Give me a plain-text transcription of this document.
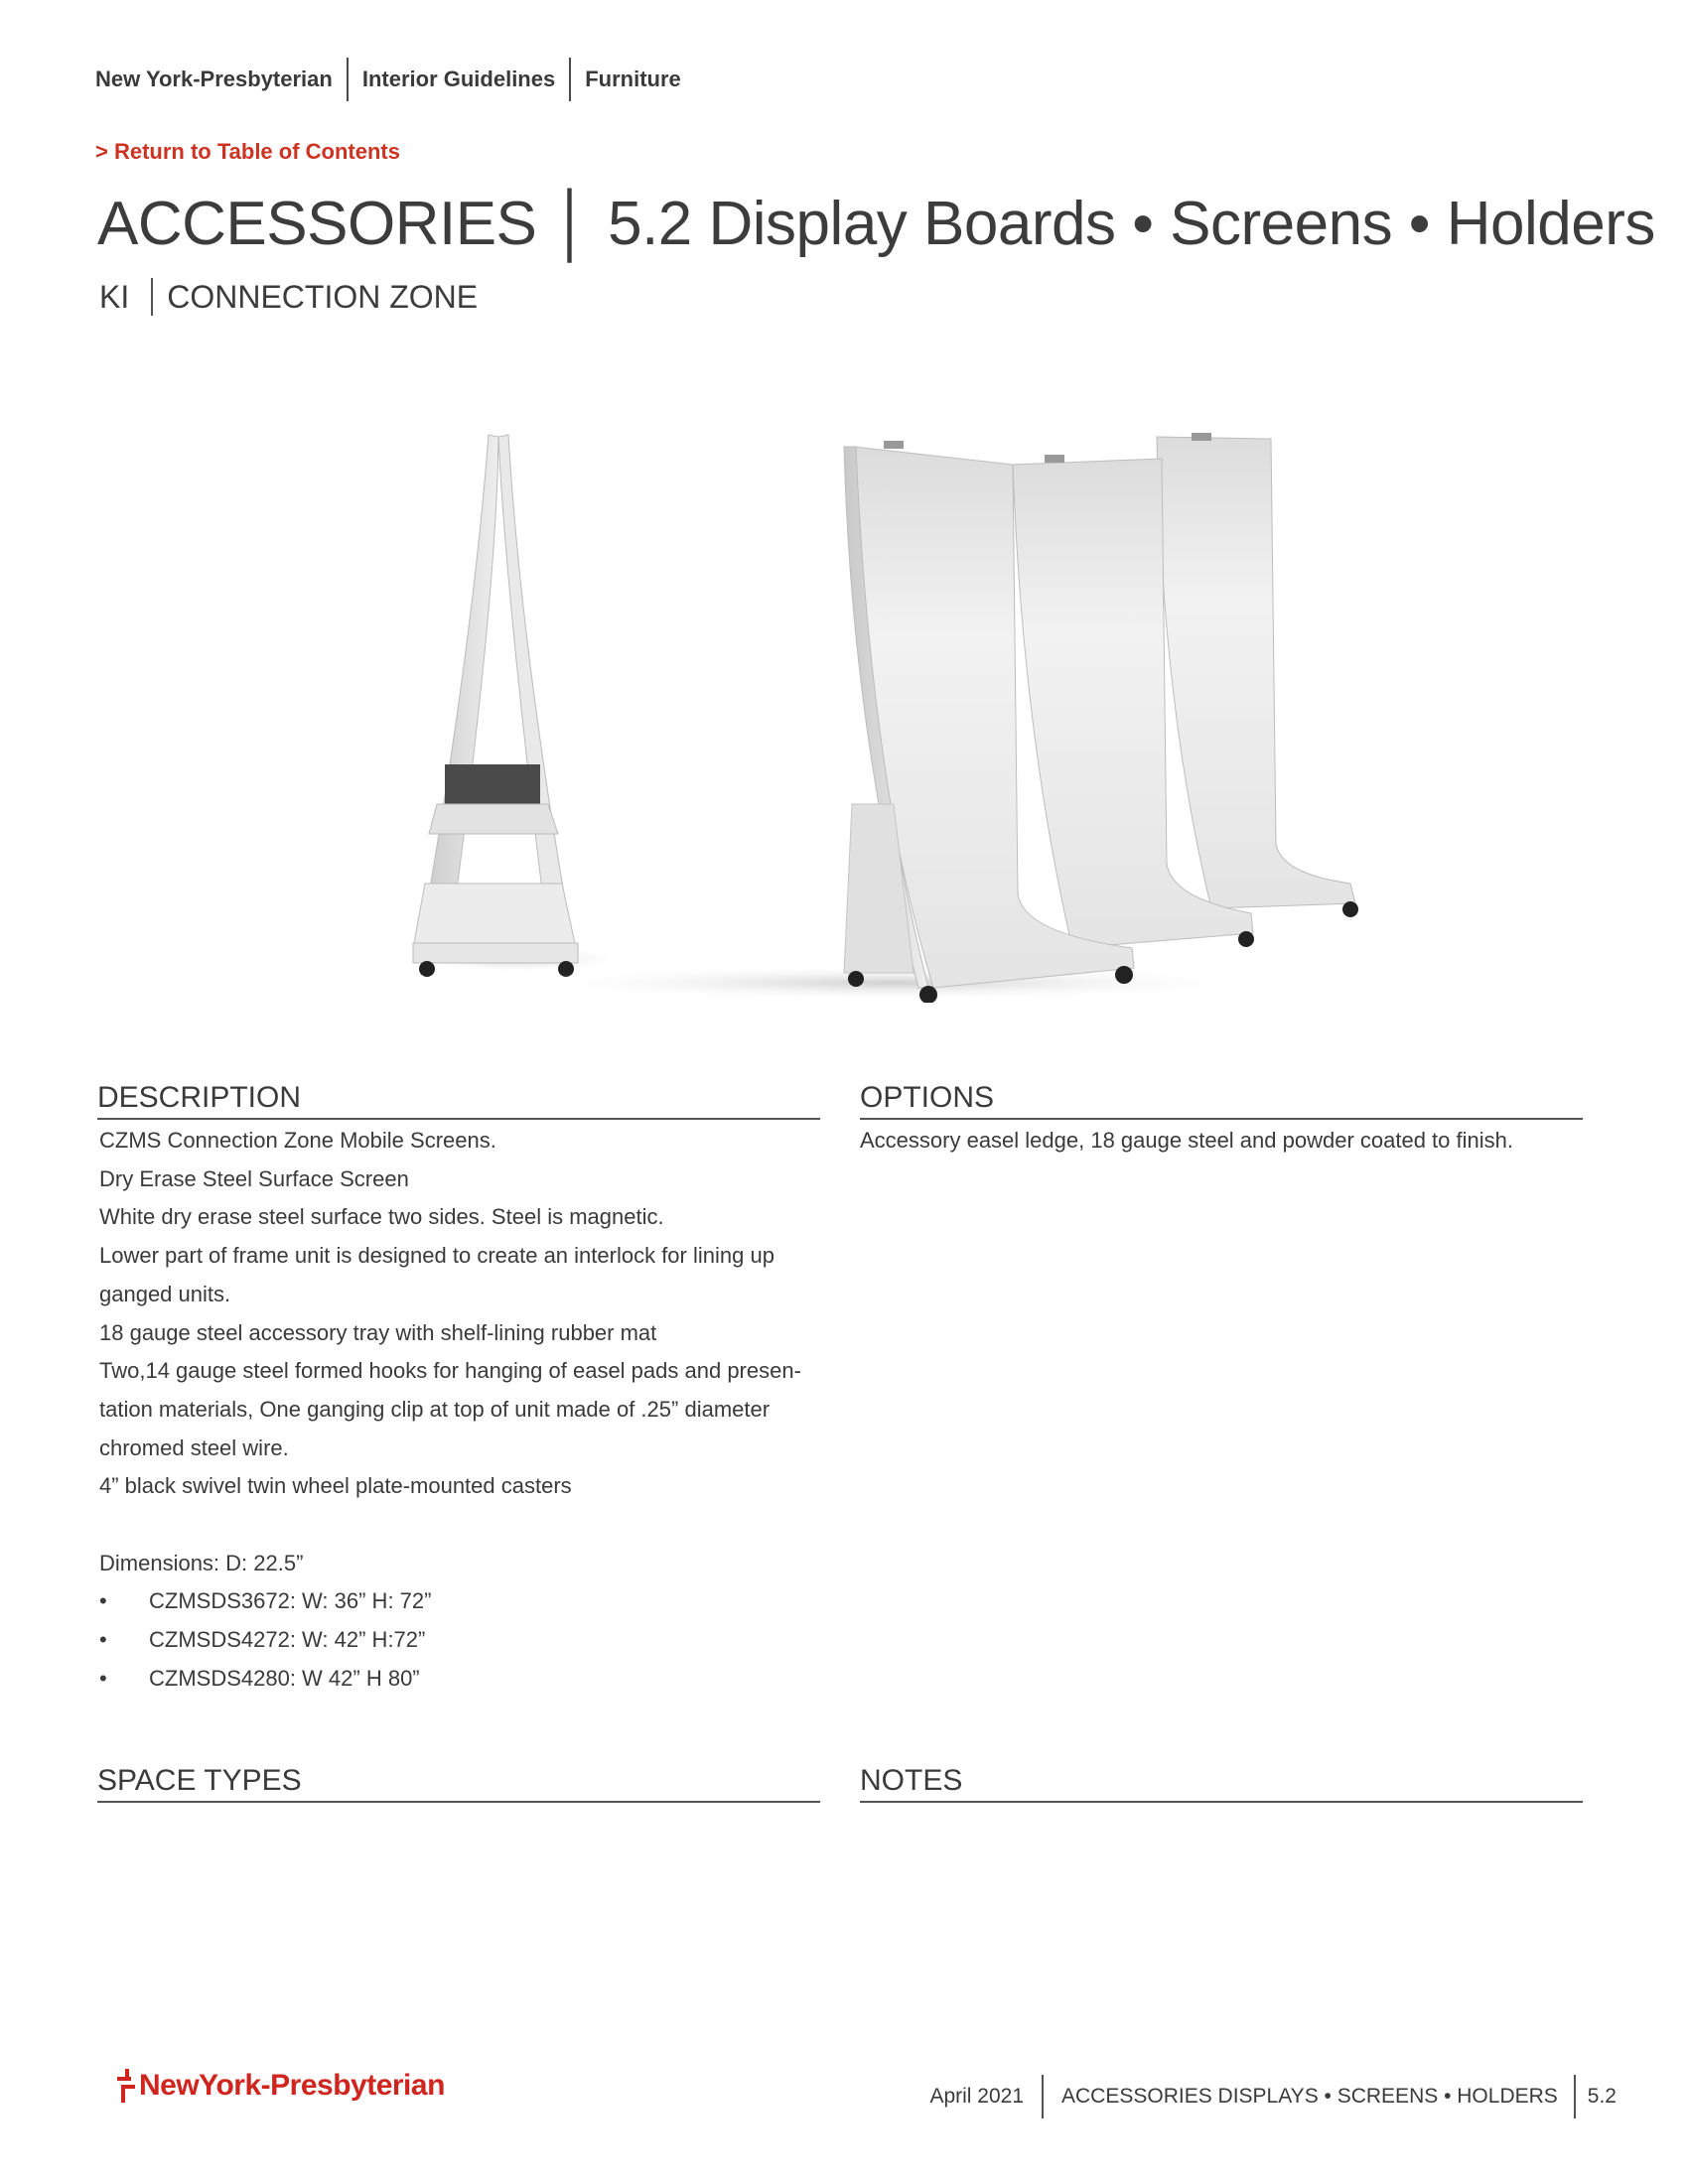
New York-Presbyterian	Interior Guidelines	Furniture
> Return to Table of Contents
ACCESSORIES │ 5.2 Display Boards • Screens • Holders
KI CONNECTION ZONE
DESCRIPTION

CZMS Connection Zone Mobile Screens.

Dry Erase Steel Surface Screen

White dry erase steel surface two sides. Steel is magnetic.

Lower part of frame unit is designed to create an interlock for lining up

ganged units.

18 gauge steel accessory tray with shelf-lining rubber mat

Two,14 gauge steel formed hooks for hanging of easel pads and presen-

tation materials, One ganging clip at top of unit made of .25” diameter

chromed steel wire.

4” black swivel twin wheel plate-mounted casters

Dimensions: D: 22.5”

•	CZMSDS3672: W: 36” H: 72”
•	CZMSDS4272: W: 42” H:72”
•	CZMSDS4280: W 42” H 80”
OPTIONS
Accessory easel ledge, 18 gauge steel and powder coated to finish.
SPACE TYPES	NOTES
NewYork-Presbyterian	April 2021 ACCESSORIES DISPLAYS • SCREENS • HOLDERS 5.2
